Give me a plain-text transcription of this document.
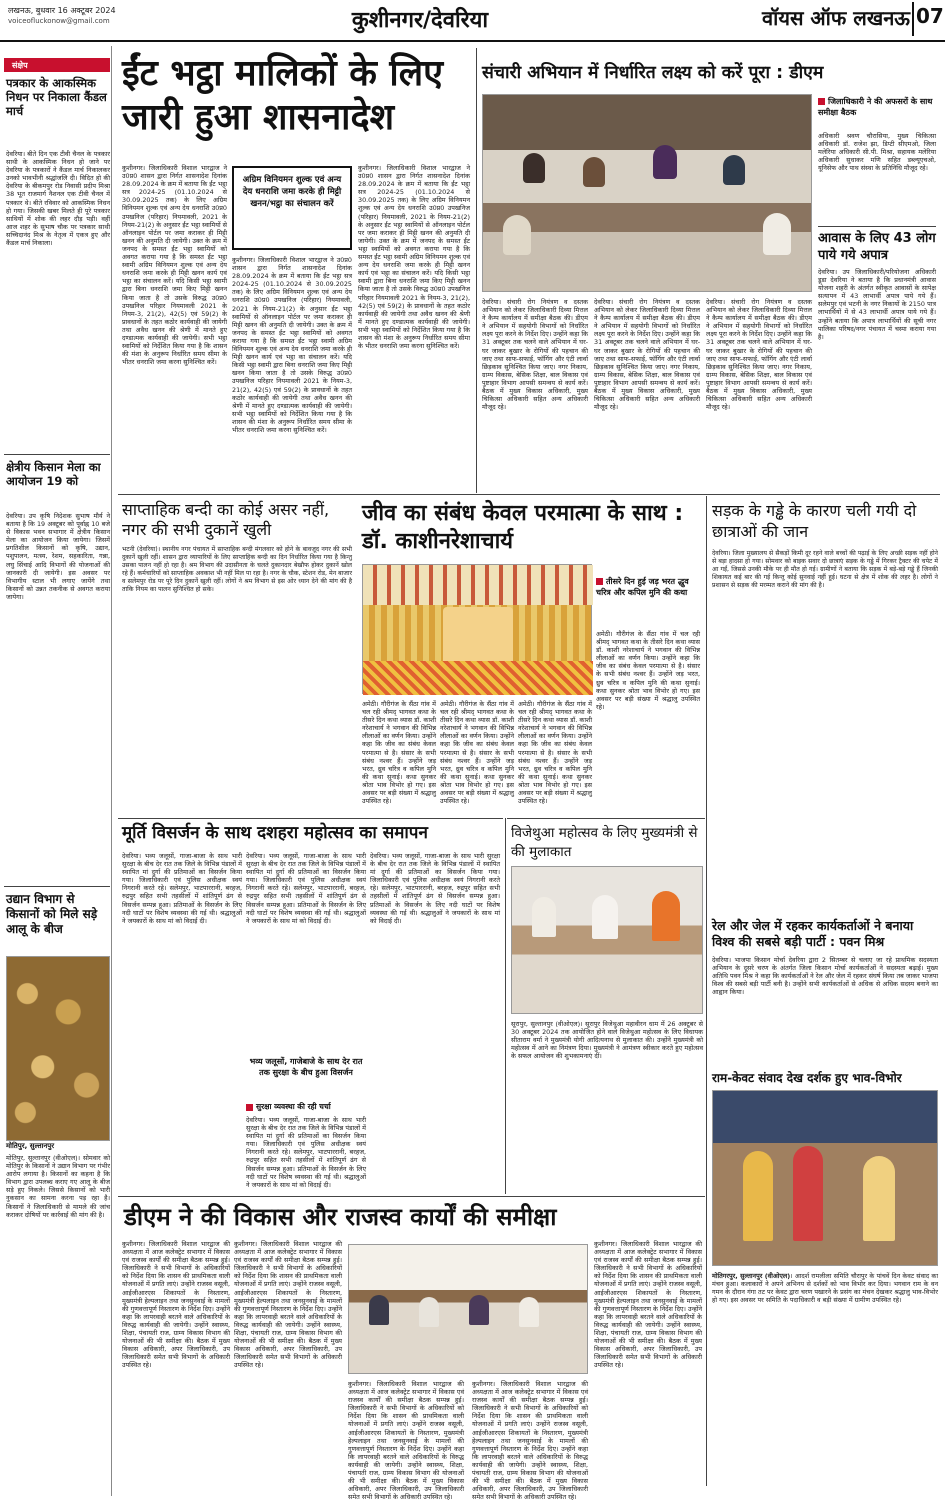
लखनऊ, बुधवार 16 अक्टूबर 2024
voiceofluckonow@gmail.com	कुशीनगर/देवरिया	वॉयस ऑफ लखनऊ 07
संक्षेप
पत्रकार के आकस्मिक निधन पर निकाला कैंडल मार्च
देवरिया। बीते दिन एक टीवी चैनल के पत्रकार साथी के आकस्मिक निधन हो जाने पर देवरिया के पत्रकारों ने कैंडल मार्च निकालकर उनको भावभीनी श्रद्धांजलि दी। विदित हो की देवरिया के बीकमपुर रोड निवासी प्रदीप मिश्रा 38 भूत राजमार्ग नैशनल एक टीवी चैनल में पत्रकार थे। बीते रविवार को आकस्मिक निधन हो गया। जिसकी खबर मिलते ही पूरे पत्रकार साथियों में शोक की लहर दौड़ पड़ी। वहीं आज शहर के सुभाष चौक पर पत्रकार साथी सच्चिदानंद मिश्र के नेतृत्व में एकत्र हुए और कैंडल मार्च निकाला।
क्षेत्रीय किसान मेला का आयोजन 19 को
देवरिया। उप कृषि निदेशक सुभाष मौर्य ने बताया है कि 19 अक्टूबर को पूर्वाह्न 10 बजे से विकास भवन सभागार में क्षेत्रीय किसान मेला का आयोजन किया जायेगा। जिसमें प्रगतिशील किसानों को कृषि, उद्यान, पशुपालन, मत्स्य, रेशम, सहकारिता, गन्ना, लघु सिंचाई आदि विभागों की योजनाओं की जानकारी दी जायेगी। इस अवसर पर विभागीय स्टाल भी लगाए जायेंगे तथा किसानों को उन्नत तकनीक से अवगत कराया जायेगा।
उद्यान विभाग से किसानों को मिले सड़े आलू के बीज
मोतिपुर, सुल्तानपुर
मोतिपुर, सुल्तानपुर (वीओएल)। सोमवार को मोतिपुर के किसानों ने उद्यान विभाग पर गंभीर आरोप लगाया है। किसानों का कहना है कि विभाग द्वारा उपलब्ध कराए गए आलू के बीज सड़े हुए निकले। जिससे किसानों को भारी नुकसान का सामना करना पड़ रहा है। किसानों ने जिलाधिकारी से मामले की जांच कराकर दोषियों पर कार्रवाई की मांग की है।
ईंट भट्ठा मालिकों के लिए जारी हुआ शासनादेश
कुशीनगर। जिलाधिकारी विशाल भारद्वाज ने उ0प्र0 शासन द्वारा निर्गत शासनादेश दिनांक 28.09.2024 के क्रम में बताया कि ईंट भट्ठा सत्र 2024-25 (01.10.2024 से 30.09.2025 तक) के लिए अग्रिम विनियमन शुल्क एवं अन्य देय धनराशि उ0प्र0 उपखनिज (परिहार) नियमावली, 2021 के नियम-21(2) के अनुसार ईंट भट्ठा स्वामियों से ऑनलाइन पोर्टल पर जमा कराकर ही मिट्टी खनन की अनुमति दी जायेगी। उक्त के क्रम में जनपद के समस्त ईंट भट्ठा स्वामियों को अवगत कराया गया है कि समस्त ईंट भट्ठा स्वामी अग्रिम विनियमन शुल्क एवं अन्य देय धनराशि जमा करके ही मिट्टी खनन कार्य एवं भट्ठा का संचालन करें। यदि किसी भट्ठा स्वामी द्वारा बिना धनराशि जमा किए मिट्टी खनन किया जाता है तो उसके विरुद्ध उ0प्र0 उपखनिज परिहार नियमावली 2021 के नियम-3, 21(2), 42(5) एवं 59(2) के प्रावधानों के तहत कठोर कार्यवाही की जायेगी तथा अवैध खनन की श्रेणी में मानते हुए दण्डात्मक कार्यवाही की जायेगी। सभी भट्ठा स्वामियों को निर्देशित किया गया है कि शासन की मंशा के अनुरूप निर्धारित समय सीमा के भीतर धनराशि जमा करना सुनिश्चित करें।
अग्रिम विनियमन शुल्क एवं अन्य देय धनराशि जमा करके ही मिट्टी खनन/भट्ठा का संचालन करें
कुशीनगर। जिलाधिकारी विशाल भारद्वाज ने उ0प्र0 शासन द्वारा निर्गत शासनादेश दिनांक 28.09.2024 के क्रम में बताया कि ईंट भट्ठा सत्र 2024-25 (01.10.2024 से 30.09.2025 तक) के लिए अग्रिम विनियमन शुल्क एवं अन्य देय धनराशि उ0प्र0 उपखनिज (परिहार) नियमावली, 2021 के नियम-21(2) के अनुसार ईंट भट्ठा स्वामियों से ऑनलाइन पोर्टल पर जमा कराकर ही मिट्टी खनन की अनुमति दी जायेगी। उक्त के क्रम में जनपद के समस्त ईंट भट्ठा स्वामियों को अवगत कराया गया है कि समस्त ईंट भट्ठा स्वामी अग्रिम विनियमन शुल्क एवं अन्य देय धनराशि जमा करके ही मिट्टी खनन कार्य एवं भट्ठा का संचालन करें। यदि किसी भट्ठा स्वामी द्वारा बिना धनराशि जमा किए मिट्टी खनन किया जाता है तो उसके विरुद्ध उ0प्र0 उपखनिज परिहार नियमावली 2021 के नियम-3, 21(2), 42(5) एवं 59(2) के प्रावधानों के तहत कठोर कार्यवाही की जायेगी तथा अवैध खनन की श्रेणी में मानते हुए दण्डात्मक कार्यवाही की जायेगी। सभी भट्ठा स्वामियों को निर्देशित किया गया है कि शासन की मंशा के अनुरूप निर्धारित समय सीमा के भीतर धनराशि जमा करना सुनिश्चित करें।
कुशीनगर। जिलाधिकारी विशाल भारद्वाज ने उ0प्र0 शासन द्वारा निर्गत शासनादेश दिनांक 28.09.2024 के क्रम में बताया कि ईंट भट्ठा सत्र 2024-25 (01.10.2024 से 30.09.2025 तक) के लिए अग्रिम विनियमन शुल्क एवं अन्य देय धनराशि उ0प्र0 उपखनिज (परिहार) नियमावली, 2021 के नियम-21(2) के अनुसार ईंट भट्ठा स्वामियों से ऑनलाइन पोर्टल पर जमा कराकर ही मिट्टी खनन की अनुमति दी जायेगी। उक्त के क्रम में जनपद के समस्त ईंट भट्ठा स्वामियों को अवगत कराया गया है कि समस्त ईंट भट्ठा स्वामी अग्रिम विनियमन शुल्क एवं अन्य देय धनराशि जमा करके ही मिट्टी खनन कार्य एवं भट्ठा का संचालन करें। यदि किसी भट्ठा स्वामी द्वारा बिना धनराशि जमा किए मिट्टी खनन किया जाता है तो उसके विरुद्ध उ0प्र0 उपखनिज परिहार नियमावली 2021 के नियम-3, 21(2), 42(5) एवं 59(2) के प्रावधानों के तहत कठोर कार्यवाही की जायेगी तथा अवैध खनन की श्रेणी में मानते हुए दण्डात्मक कार्यवाही की जायेगी। सभी भट्ठा स्वामियों को निर्देशित किया गया है कि शासन की मंशा के अनुरूप निर्धारित समय सीमा के भीतर धनराशि जमा करना सुनिश्चित करें।
संचारी अभियान में निर्धारित लक्ष्य को करें पूरा : डीएम
जिलाधिकारी ने की अफसरों के साथ समीक्षा बैठक
अधिकारी श्रवण चौरासिया, मुख्य चिकित्सा अधिकारी डॉ. राजेश झा, डिप्टी सीएमओ, जिला मलेरिया अधिकारी सी.पी. मिश्रा, सहायक मलेरिया अधिकारी सुधाकर मणि सहित डब्ल्यूएचओ, यूनिसेफ और पाथ संस्था के प्रतिनिधि मौजूद रहे।
आवास के लिए 43 लोग पाये गये अपात्र
देवरिया। उप जिलाधिकारी/परियोजना अधिकारी डूडा देवरिया ने बताया है कि प्रधानमंत्री आवास योजना शहरी के अंतर्गत स्वीकृत आवासों के सापेक्ष सत्यापन में 43 लाभार्थी अपात्र पाये गये हैं। सलेमपुर एवं भटनी के नगर निकायों के 2150 पात्र लाभार्थियों में से 43 लाभार्थी अपात्र पाये गये हैं। उन्होंने बताया कि अपात्र लाभार्थियों की सूची नगर पालिका परिषद/नगर पंचायत में चस्पा कराया गया है।
देवरिया। संचारी रोग नियंत्रण व दस्तक अभियान को लेकर जिलाधिकारी दिव्या मित्तल ने कैम्प कार्यालय में समीक्षा बैठक की। डीएम ने अभियान में सहयोगी विभागों को निर्धारित लक्ष्य पूरा करने के निर्देश दिए। उन्होंने कहा कि 31 अक्टूबर तक चलने वाले अभियान में घर-घर जाकर बुखार के रोगियों की पहचान की जाए तथा साफ-सफाई, फॉगिंग और एंटी लार्वा छिड़काव सुनिश्चित किया जाए। नगर निकाय, ग्राम्य विकास, बेसिक शिक्षा, बाल विकास एवं पुष्टाहार विभाग आपसी समन्वय से कार्य करें। बैठक में मुख्य विकास अधिकारी, मुख्य चिकित्सा अधिकारी सहित अन्य अधिकारी मौजूद रहे।
देवरिया। संचारी रोग नियंत्रण व दस्तक अभियान को लेकर जिलाधिकारी दिव्या मित्तल ने कैम्प कार्यालय में समीक्षा बैठक की। डीएम ने अभियान में सहयोगी विभागों को निर्धारित लक्ष्य पूरा करने के निर्देश दिए। उन्होंने कहा कि 31 अक्टूबर तक चलने वाले अभियान में घर-घर जाकर बुखार के रोगियों की पहचान की जाए तथा साफ-सफाई, फॉगिंग और एंटी लार्वा छिड़काव सुनिश्चित किया जाए। नगर निकाय, ग्राम्य विकास, बेसिक शिक्षा, बाल विकास एवं पुष्टाहार विभाग आपसी समन्वय से कार्य करें। बैठक में मुख्य विकास अधिकारी, मुख्य चिकित्सा अधिकारी सहित अन्य अधिकारी मौजूद रहे।
देवरिया। संचारी रोग नियंत्रण व दस्तक अभियान को लेकर जिलाधिकारी दिव्या मित्तल ने कैम्प कार्यालय में समीक्षा बैठक की। डीएम ने अभियान में सहयोगी विभागों को निर्धारित लक्ष्य पूरा करने के निर्देश दिए। उन्होंने कहा कि 31 अक्टूबर तक चलने वाले अभियान में घर-घर जाकर बुखार के रोगियों की पहचान की जाए तथा साफ-सफाई, फॉगिंग और एंटी लार्वा छिड़काव सुनिश्चित किया जाए। नगर निकाय, ग्राम्य विकास, बेसिक शिक्षा, बाल विकास एवं पुष्टाहार विभाग आपसी समन्वय से कार्य करें। बैठक में मुख्य विकास अधिकारी, मुख्य चिकित्सा अधिकारी सहित अन्य अधिकारी मौजूद रहे।
साप्ताहिक बन्दी का कोई असर नहीं, नगर की सभी दुकानें खुली
भटनी (देवरिया)। स्थानीय नगर पंचायत में साप्ताहिक बन्दी मंगलवार को होने के बावजूद नगर की सभी दुकानें खुली रहीं। शासन द्वारा व्यापारियों के लिए साप्ताहिक बन्दी का दिन निर्धारित किया गया है किन्तु उसका पालन नहीं हो रहा है। श्रम विभाग की उदासीनता के चलते दुकानदार बेखौफ होकर दुकानें खोल रहे हैं। कर्मचारियों को साप्ताहिक अवकाश भी नहीं मिल पा रहा है। नगर के चौक, स्टेशन रोड, मेन बाजार व सलेमपुर रोड पर पूरे दिन दुकानें खुली रहीं। लोगों ने श्रम विभाग से इस ओर ध्यान देने की मांग की है ताकि नियम का पालन सुनिश्चित हो सके।
जीव का संबंध केवल परमात्मा के साथ : डॉ. काशीनरेशाचार्य
तीसरे दिन हुई जड़ भरत द्धुव चरित्र और कपिल मुनि की कथा
अमेठी। गौरीगंज के सैंठा गांव में चल रही श्रीमद् भागवत कथा के तीसरे दिन कथा व्यास डॉ. काशी नरेशाचार्य ने भगवान की विभिन्न लीलाओं का वर्णन किया। उन्होंने कहा कि जीव का संबंध केवल परमात्मा से है। संसार के सभी संबंध नश्वर हैं। उन्होंने जड़ भरत, ध्रुव चरित्र व कपिल मुनि की कथा सुनाई। कथा सुनकर श्रोता भाव विभोर हो गए। इस अवसर पर बड़ी संख्या में श्रद्धालु उपस्थित रहे।
अमेठी। गौरीगंज के सैंठा गांव में चल रही श्रीमद् भागवत कथा के तीसरे दिन कथा व्यास डॉ. काशी नरेशाचार्य ने भगवान की विभिन्न लीलाओं का वर्णन किया। उन्होंने कहा कि जीव का संबंध केवल परमात्मा से है। संसार के सभी संबंध नश्वर हैं। उन्होंने जड़ भरत, ध्रुव चरित्र व कपिल मुनि की कथा सुनाई। कथा सुनकर श्रोता भाव विभोर हो गए। इस अवसर पर बड़ी संख्या में श्रद्धालु उपस्थित रहे।
अमेठी। गौरीगंज के सैंठा गांव में चल रही श्रीमद् भागवत कथा के तीसरे दिन कथा व्यास डॉ. काशी नरेशाचार्य ने भगवान की विभिन्न लीलाओं का वर्णन किया। उन्होंने कहा कि जीव का संबंध केवल परमात्मा से है। संसार के सभी संबंध नश्वर हैं। उन्होंने जड़ भरत, ध्रुव चरित्र व कपिल मुनि की कथा सुनाई। कथा सुनकर श्रोता भाव विभोर हो गए। इस अवसर पर बड़ी संख्या में श्रद्धालु उपस्थित रहे।
अमेठी। गौरीगंज के सैंठा गांव में चल रही श्रीमद् भागवत कथा के तीसरे दिन कथा व्यास डॉ. काशी नरेशाचार्य ने भगवान की विभिन्न लीलाओं का वर्णन किया। उन्होंने कहा कि जीव का संबंध केवल परमात्मा से है। संसार के सभी संबंध नश्वर हैं। उन्होंने जड़ भरत, ध्रुव चरित्र व कपिल मुनि की कथा सुनाई। कथा सुनकर श्रोता भाव विभोर हो गए। इस अवसर पर बड़ी संख्या में श्रद्धालु उपस्थित रहे।
सड़क के गड्ढे के कारण चली गयी दो छात्राओं की जान
देवरिया। जिला मुख्यालय से सैकड़ों किमी दूर रहने वाले बच्चों की पढ़ाई के लिए अच्छी सड़क नहीं होने से बड़ा हादसा हो गया। सोमवार को बाइक सवार दो छात्राएं सड़क के गड्ढे में गिरकर ट्रैक्टर की चपेट में आ गईं, जिससे उनकी मौके पर ही मौत हो गई। ग्रामीणों ने बताया कि सड़क में बड़े-बड़े गड्ढे हैं जिनकी शिकायत कई बार की गई किन्तु कोई सुनवाई नहीं हुई। घटना से क्षेत्र में शोक की लहर है। लोगों ने प्रशासन से सड़क की मरम्मत कराने की मांग की है।
रेल और जेल में रहकर कार्यकर्ताओं ने बनाया विश्व की सबसे बड़ी पार्टी : पवन मिश्र
देवरिया। भाजपा किसान मोर्चा देवरिया द्वारा 2 सितम्बर से चलाए जा रहे प्राथमिक सदस्यता अभियान के दूसरे चरण के अंतर्गत जिला किसान मोर्चा कार्यकर्ताओं ने सदस्यता बढ़ाई। मुख्य अतिथि पवन मिश्र ने कहा कि कार्यकर्ताओं ने रेल और जेल में रहकर संघर्ष किया तब जाकर भाजपा विश्व की सबसे बड़ी पार्टी बनी है। उन्होंने सभी कार्यकर्ताओं से अधिक से अधिक सदस्य बनाने का आह्वान किया।
राम-केवट संवाद देख दर्शक हुए भाव-विभोर
मोतिगरपुर, सुल्तानपुर (वीओएल)। आदर्श रामलीला समिति चौरापुर के पांचवें दिन केवट संवाद का मंचन हुआ। कलाकारों ने अपने अभिनय से दर्शकों को भाव विभोर कर दिया। भगवान राम के वन गमन के दौरान गंगा तट पर केवट द्वारा चरण पखारने के प्रसंग का मंचन देखकर श्रद्धालु भाव-विभोर हो गए। इस अवसर पर समिति के पदाधिकारी व बड़ी संख्या में ग्रामीण उपस्थित रहे।
मूर्ति विसर्जन के साथ दशहरा महोत्सव का समापन
देवरिया। भव्य जलूसों, गाजा-बाजा के साथ भारी सुरक्षा के बीच देर रात तक जिले के विभिन्न पंडालों में स्थापित मां दुर्गा की प्रतिमाओं का विसर्जन किया गया। जिलाधिकारी एवं पुलिस अधीक्षक स्वयं निगरानी करते रहे। सलेमपुर, भाटपाररानी, बरहज, रुद्रपुर सहित सभी तहसीलों में शांतिपूर्ण ढंग से विसर्जन सम्पन्न हुआ। प्रतिमाओं के विसर्जन के लिए नदी घाटों पर विशेष व्यवस्था की गई थी। श्रद्धालुओं ने जयकारों के साथ मां को विदाई दी।
देवरिया। भव्य जलूसों, गाजा-बाजा के साथ भारी सुरक्षा के बीच देर रात तक जिले के विभिन्न पंडालों में स्थापित मां दुर्गा की प्रतिमाओं का विसर्जन किया गया। जिलाधिकारी एवं पुलिस अधीक्षक स्वयं निगरानी करते रहे। सलेमपुर, भाटपाररानी, बरहज, रुद्रपुर सहित सभी तहसीलों में शांतिपूर्ण ढंग से विसर्जन सम्पन्न हुआ। प्रतिमाओं के विसर्जन के लिए नदी घाटों पर विशेष व्यवस्था की गई थी। श्रद्धालुओं ने जयकारों के साथ मां को विदाई दी।
भव्य जलूसों, गाजेबाजे के साथ देर रात तक सुरक्षा के बीच हुआ विसर्जन
सुरक्षा व्यवस्था की रही चर्चा
देवरिया। भव्य जलूसों, गाजा-बाजा के साथ भारी सुरक्षा के बीच देर रात तक जिले के विभिन्न पंडालों में स्थापित मां दुर्गा की प्रतिमाओं का विसर्जन किया गया। जिलाधिकारी एवं पुलिस अधीक्षक स्वयं निगरानी करते रहे। सलेमपुर, भाटपाररानी, बरहज, रुद्रपुर सहित सभी तहसीलों में शांतिपूर्ण ढंग से विसर्जन सम्पन्न हुआ। प्रतिमाओं के विसर्जन के लिए नदी घाटों पर विशेष व्यवस्था की गई थी। श्रद्धालुओं ने जयकारों के साथ मां को विदाई दी।
देवरिया। भव्य जलूसों, गाजा-बाजा के साथ भारी सुरक्षा के बीच देर रात तक जिले के विभिन्न पंडालों में स्थापित मां दुर्गा की प्रतिमाओं का विसर्जन किया गया। जिलाधिकारी एवं पुलिस अधीक्षक स्वयं निगरानी करते रहे। सलेमपुर, भाटपाररानी, बरहज, रुद्रपुर सहित सभी तहसीलों में शांतिपूर्ण ढंग से विसर्जन सम्पन्न हुआ। प्रतिमाओं के विसर्जन के लिए नदी घाटों पर विशेष व्यवस्था की गई थी। श्रद्धालुओं ने जयकारों के साथ मां को विदाई दी।
विजेथुआ महोत्सव के लिए मुख्यमंत्री से की मुलाकात
सूरापुर, सुल्तानपुर (वीओएल)। सूरापुर विजेथुआ महावीरन धाम में 26 अक्टूबर से 30 अक्टूबर 2024 तक आयोजित होने वाले विजेथुआ महोत्सव के लिए विधायक सीताराम वर्मा ने मुख्यमंत्री योगी आदित्यनाथ से मुलाकात की। उन्होंने मुख्यमंत्री को महोत्सव में आने का निमंत्रण दिया। मुख्यमंत्री ने आमंत्रण स्वीकार करते हुए महोत्सव के सफल आयोजन की शुभकामनाएं दीं।
डीएम ने की विकास और राजस्व कार्यों की समीक्षा
कुशीनगर। जिलाधिकारी विशाल भारद्वाज की अध्यक्षता में आज कलेक्ट्रेट सभागार में विकास एवं राजस्व कार्यों की समीक्षा बैठक सम्पन्न हुई। जिलाधिकारी ने सभी विभागों के अधिकारियों को निर्देश दिया कि शासन की प्राथमिकता वाली योजनाओं में प्रगति लाएं। उन्होंने राजस्व वसूली, आईजीआरएस शिकायतों के निस्तारण, मुख्यमंत्री हेल्पलाइन तथा जनसुनवाई के मामलों की गुणवत्तापूर्ण निस्तारण के निर्देश दिए। उन्होंने कहा कि लापरवाही बरतने वाले अधिकारियों के विरुद्ध कार्यवाही की जायेगी। उन्होंने स्वास्थ्य, शिक्षा, पंचायती राज, ग्राम्य विकास विभाग की योजनाओं की भी समीक्षा की। बैठक में मुख्य विकास अधिकारी, अपर जिलाधिकारी, उप जिलाधिकारी समेत सभी विभागों के अधिकारी उपस्थित रहे।
कुशीनगर। जिलाधिकारी विशाल भारद्वाज की अध्यक्षता में आज कलेक्ट्रेट सभागार में विकास एवं राजस्व कार्यों की समीक्षा बैठक सम्पन्न हुई। जिलाधिकारी ने सभी विभागों के अधिकारियों को निर्देश दिया कि शासन की प्राथमिकता वाली योजनाओं में प्रगति लाएं। उन्होंने राजस्व वसूली, आईजीआरएस शिकायतों के निस्तारण, मुख्यमंत्री हेल्पलाइन तथा जनसुनवाई के मामलों की गुणवत्तापूर्ण निस्तारण के निर्देश दिए। उन्होंने कहा कि लापरवाही बरतने वाले अधिकारियों के विरुद्ध कार्यवाही की जायेगी। उन्होंने स्वास्थ्य, शिक्षा, पंचायती राज, ग्राम्य विकास विभाग की योजनाओं की भी समीक्षा की। बैठक में मुख्य विकास अधिकारी, अपर जिलाधिकारी, उप जिलाधिकारी समेत सभी विभागों के अधिकारी उपस्थित रहे।
कुशीनगर। जिलाधिकारी विशाल भारद्वाज की अध्यक्षता में आज कलेक्ट्रेट सभागार में विकास एवं राजस्व कार्यों की समीक्षा बैठक सम्पन्न हुई। जिलाधिकारी ने सभी विभागों के अधिकारियों को निर्देश दिया कि शासन की प्राथमिकता वाली योजनाओं में प्रगति लाएं। उन्होंने राजस्व वसूली, आईजीआरएस शिकायतों के निस्तारण, मुख्यमंत्री हेल्पलाइन तथा जनसुनवाई के मामलों की गुणवत्तापूर्ण निस्तारण के निर्देश दिए। उन्होंने कहा कि लापरवाही बरतने वाले अधिकारियों के विरुद्ध कार्यवाही की जायेगी। उन्होंने स्वास्थ्य, शिक्षा, पंचायती राज, ग्राम्य विकास विभाग की योजनाओं की भी समीक्षा की। बैठक में मुख्य विकास अधिकारी, अपर जिलाधिकारी, उप जिलाधिकारी समेत सभी विभागों के अधिकारी उपस्थित रहे।
कुशीनगर। जिलाधिकारी विशाल भारद्वाज की अध्यक्षता में आज कलेक्ट्रेट सभागार में विकास एवं राजस्व कार्यों की समीक्षा बैठक सम्पन्न हुई। जिलाधिकारी ने सभी विभागों के अधिकारियों को निर्देश दिया कि शासन की प्राथमिकता वाली योजनाओं में प्रगति लाएं। उन्होंने राजस्व वसूली, आईजीआरएस शिकायतों के निस्तारण, मुख्यमंत्री हेल्पलाइन तथा जनसुनवाई के मामलों की गुणवत्तापूर्ण निस्तारण के निर्देश दिए। उन्होंने कहा कि लापरवाही बरतने वाले अधिकारियों के विरुद्ध कार्यवाही की जायेगी। उन्होंने स्वास्थ्य, शिक्षा, पंचायती राज, ग्राम्य विकास विभाग की योजनाओं की भी समीक्षा की। बैठक में मुख्य विकास अधिकारी, अपर जिलाधिकारी, उप जिलाधिकारी समेत सभी विभागों के अधिकारी उपस्थित रहे।
कुशीनगर। जिलाधिकारी विशाल भारद्वाज की अध्यक्षता में आज कलेक्ट्रेट सभागार में विकास एवं राजस्व कार्यों की समीक्षा बैठक सम्पन्न हुई। जिलाधिकारी ने सभी विभागों के अधिकारियों को निर्देश दिया कि शासन की प्राथमिकता वाली योजनाओं में प्रगति लाएं। उन्होंने राजस्व वसूली, आईजीआरएस शिकायतों के निस्तारण, मुख्यमंत्री हेल्पलाइन तथा जनसुनवाई के मामलों की गुणवत्तापूर्ण निस्तारण के निर्देश दिए। उन्होंने कहा कि लापरवाही बरतने वाले अधिकारियों के विरुद्ध कार्यवाही की जायेगी। उन्होंने स्वास्थ्य, शिक्षा, पंचायती राज, ग्राम्य विकास विभाग की योजनाओं की भी समीक्षा की। बैठक में मुख्य विकास अधिकारी, अपर जिलाधिकारी, उप जिलाधिकारी समेत सभी विभागों के अधिकारी उपस्थित रहे।
